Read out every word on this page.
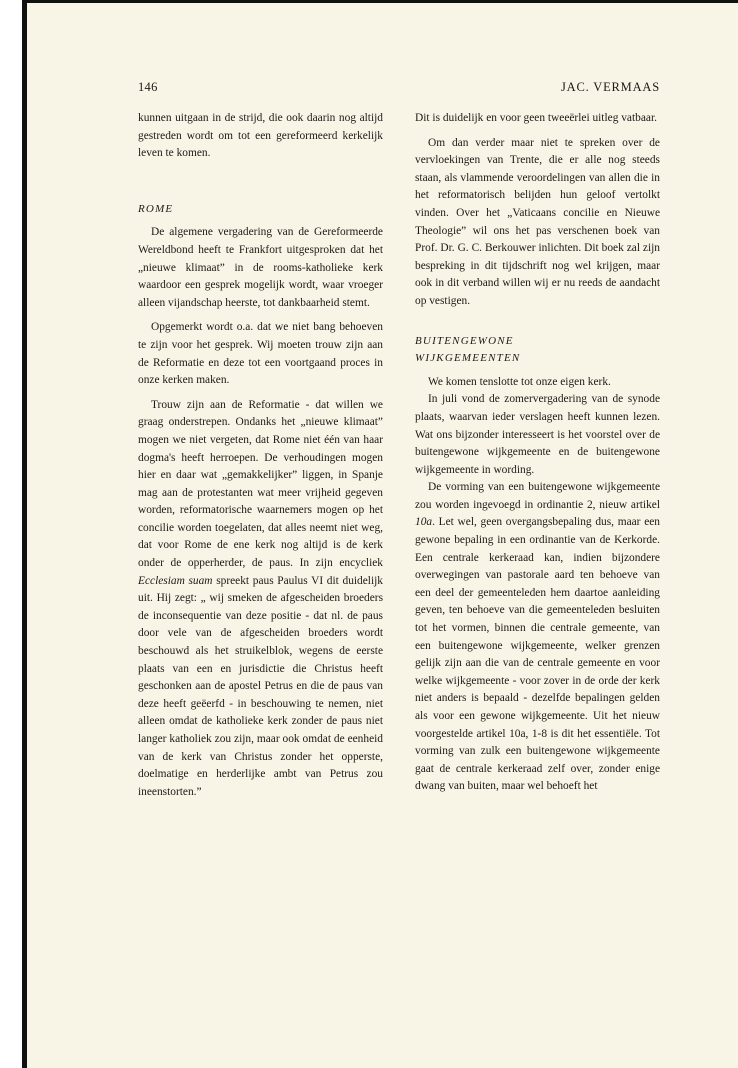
146	JAC. VERMAAS

kunnen uitgaan in de strijd, die ook daarin nog altijd gestreden wordt om tot een gereformeerd kerkelijk leven te komen.

ROME

De algemene vergadering van de Gereformeerde Wereldbond heeft te Frankfort uitgesproken dat het „nieuwe klimaat” in de rooms-katholieke kerk waardoor een gesprek mogelijk wordt, waar vroeger alleen vijandschap heerste, tot dankbaarheid stemt.

Opgemerkt wordt o.a. dat we niet bang behoeven te zijn voor het gesprek. Wij moeten trouw zijn aan de Reformatie en deze tot een voortgaand proces in onze kerken maken.

Trouw zijn aan de Reformatie - dat willen we graag onderstrepen. Ondanks het „nieuwe klimaat” mogen we niet vergeten, dat Rome niet één van haar dogma's heeft herroepen. De verhoudingen mogen hier en daar wat „gemakkelijker” liggen, in Spanje mag aan de protestanten wat meer vrijheid gegeven worden, reformatorische waarnemers mogen op het concilie worden toegelaten, dat alles neemt niet weg, dat voor Rome de ene kerk nog altijd is de kerk onder de opperherder, de paus. In zijn encycliek Ecclesiam suam spreekt paus Paulus VI dit duidelijk uit. Hij zegt: „ wij smeken de afgescheiden broeders de inconsequentie van deze positie - dat nl. de paus door vele van de afgescheiden broeders wordt beschouwd als het struikelblok, wegens de eerste plaats van een en jurisdictie die Christus heeft geschonken aan de apostel Petrus en die de paus van deze heeft geëerfd - in beschouwing te nemen, niet alleen omdat de katholieke kerk zonder de paus niet langer katholiek zou zijn, maar ook omdat de eenheid van de kerk van Christus zonder het opperste, doelmatige en herderlijke ambt van Petrus zou ineenstorten.”

Dit is duidelijk en voor geen tweeërlei uitleg vatbaar.

Om dan verder maar niet te spreken over de vervloekingen van Trente, die er alle nog steeds staan, als vlammende veroordelingen van allen die in het reformatorisch belijden hun geloof vertolkt vinden. Over het „Vaticaans concilie en Nieuwe Theologie” wil ons het pas verschenen boek van Prof. Dr. G. C. Berkouwer inlichten. Dit boek zal zijn bespreking in dit tijdschrift nog wel krijgen, maar ook in dit verband willen wij er nu reeds de aandacht op vestigen.

BUITENGEWONE

WIJKGEMEENTEN

We komen tenslotte tot onze eigen kerk.

In juli vond de zomervergadering van de synode plaats, waarvan ieder verslagen heeft kunnen lezen. Wat ons bijzonder interesseert is het voorstel over de buitengewone wijkgemeente en de buitengewone wijkgemeente in wording.

De vorming van een buitengewone wijkgemeente zou worden ingevoegd in ordinantie 2, nieuw artikel 10a. Let wel, geen overgangsbepaling dus, maar een gewone bepaling in een ordinantie van de Kerkorde. Een centrale kerkeraad kan, indien bijzondere overwegingen van pastorale aard ten behoeve van een deel der gemeenteleden hem daartoe aanleiding geven, ten behoeve van die gemeenteleden besluiten tot het vormen, binnen die centrale gemeente, van een buitengewone wijkgemeente, welker grenzen gelijk zijn aan die van de centrale gemeente en voor welke wijkgemeente - voor zover in de orde der kerk niet anders is bepaald - dezelfde bepalingen gelden als voor een gewone wijkgemeente. Uit het nieuw voorgestelde artikel 10a, 1-8 is dit het essentiële. Tot vorming van zulk een buitengewone wijkgemeente gaat de centrale kerkeraad zelf over, zonder enige dwang van buiten, maar wel behoeft het
